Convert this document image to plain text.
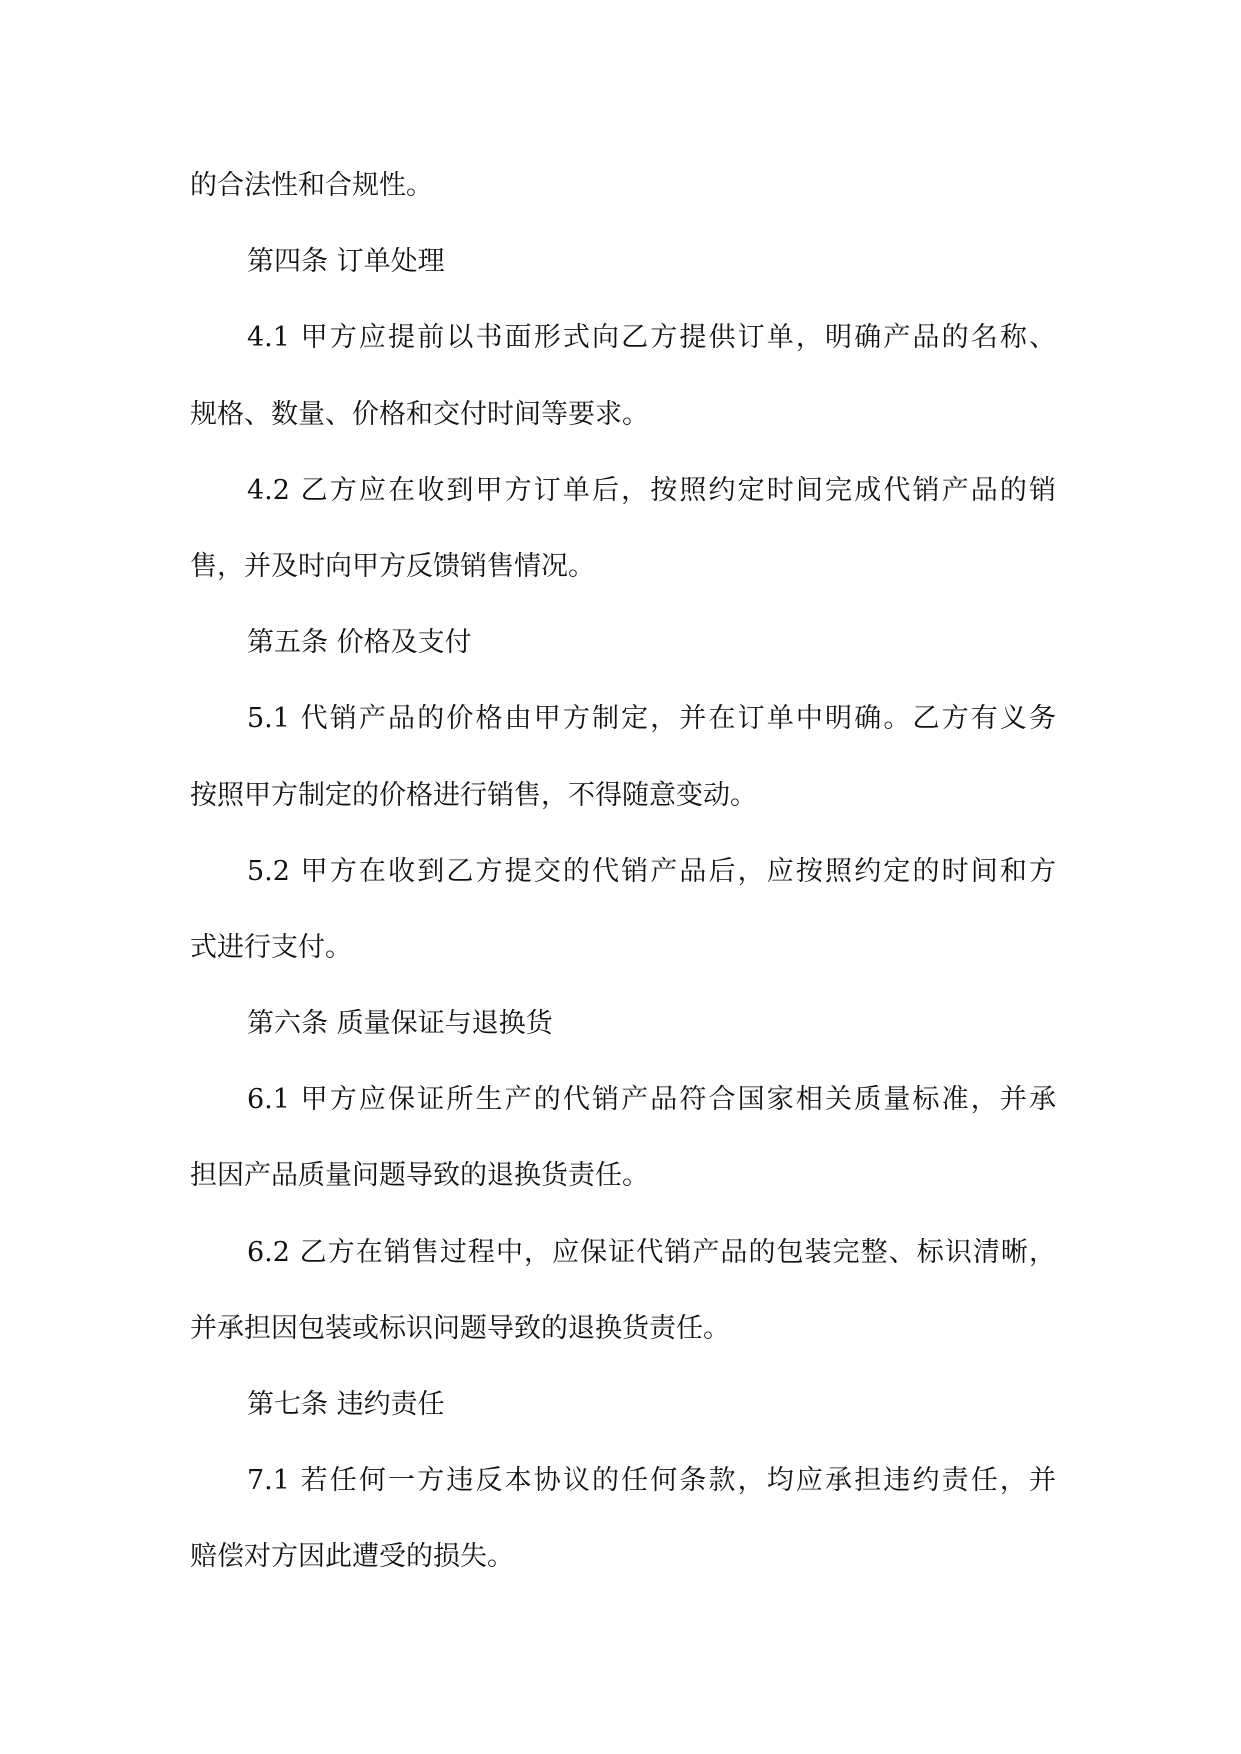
的合法性和合规性。
第四条 订单处理
4.1 甲方应提前以书面形式向乙方提供订单，明确产品的名称、
规格、数量、价格和交付时间等要求。
4.2 乙方应在收到甲方订单后，按照约定时间完成代销产品的销
售，并及时向甲方反馈销售情况。
第五条 价格及支付
5.1 代销产品的价格由甲方制定，并在订单中明确。乙方有义务
按照甲方制定的价格进行销售，不得随意变动。
5.2 甲方在收到乙方提交的代销产品后，应按照约定的时间和方
式进行支付。
第六条 质量保证与退换货
6.1 甲方应保证所生产的代销产品符合国家相关质量标准，并承
担因产品质量问题导致的退换货责任。
6.2 乙方在销售过程中，应保证代销产品的包装完整、标识清晰，
并承担因包装或标识问题导致的退换货责任。
第七条 违约责任
7.1 若任何一方违反本协议的任何条款，均应承担违约责任，并
赔偿对方因此遭受的损失。
